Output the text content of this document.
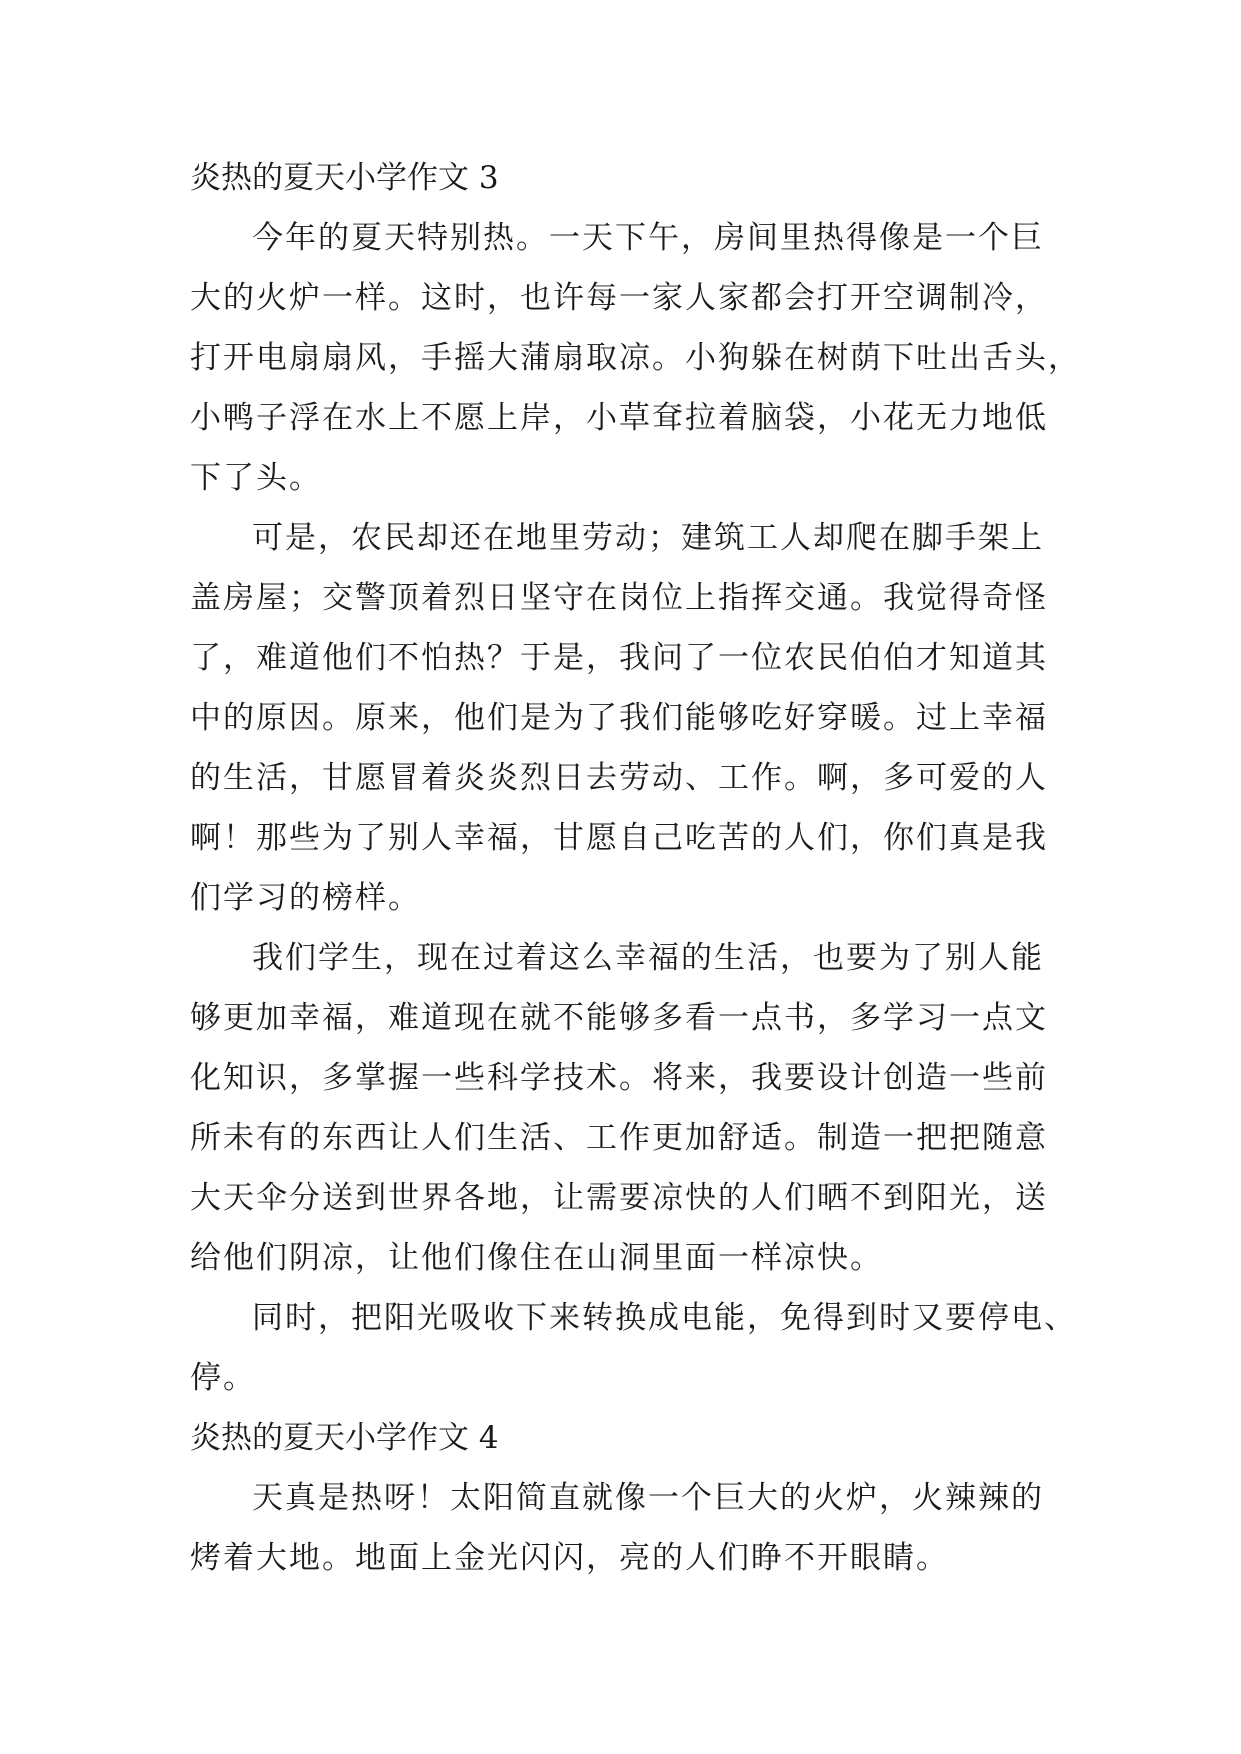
炎热的夏天小学作文 3

今年的夏天特别热。一天下午，房间里热得像是一个巨
大的火炉一样。这时，也许每一家人家都会打开空调制冷，
打开电扇扇风，手摇大蒲扇取凉。小狗躲在树荫下吐出舌头，
小鸭子浮在水上不愿上岸，小草耷拉着脑袋，小花无力地低
下了头。

可是，农民却还在地里劳动；建筑工人却爬在脚手架上
盖房屋；交警顶着烈日坚守在岗位上指挥交通。我觉得奇怪
了，难道他们不怕热？于是，我问了一位农民伯伯才知道其
中的原因。原来，他们是为了我们能够吃好穿暖。过上幸福
的生活，甘愿冒着炎炎烈日去劳动、工作。啊，多可爱的人
啊！那些为了别人幸福，甘愿自己吃苦的人们，你们真是我
们学习的榜样。

我们学生，现在过着这么幸福的生活，也要为了别人能
够更加幸福，难道现在就不能够多看一点书，多学习一点文
化知识，多掌握一些科学技术。将来，我要设计创造一些前
所未有的东西让人们生活、工作更加舒适。制造一把把随意
大天伞分送到世界各地，让需要凉快的人们晒不到阳光，送
给他们阴凉，让他们像住在山洞里面一样凉快。

同时，把阳光吸收下来转换成电能，免得到时又要停电、
停。

炎热的夏天小学作文 4

天真是热呀！太阳简直就像一个巨大的火炉，火辣辣的
烤着大地。地面上金光闪闪，亮的人们睁不开眼睛。
